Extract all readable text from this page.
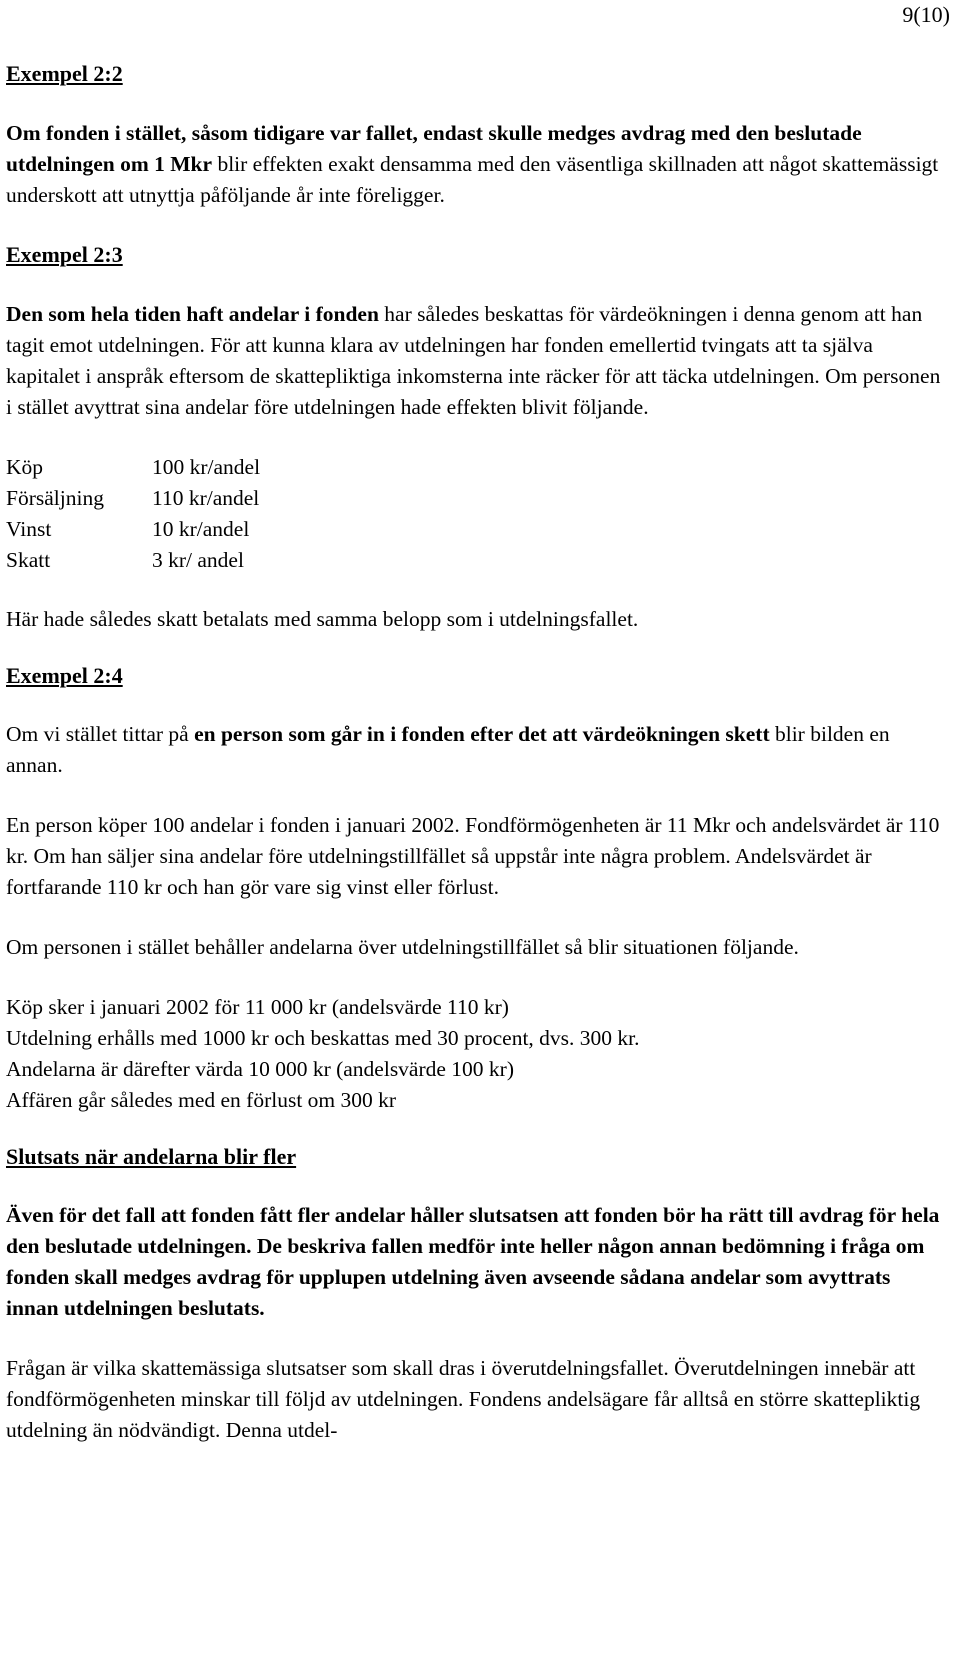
9(10)
Exempel 2:2

Om fonden i stället, såsom tidigare var fallet, endast skulle medges avdrag med den beslutade utdelningen om 1 Mkr blir effekten exakt densamma med den väsentliga skillnaden att något skattemässigt underskott att utnyttja påföljande år inte föreligger.

Exempel 2:3

Den som hela tiden haft andelar i fonden har således beskattas för värdeökningen i denna genom att han tagit emot utdelningen. För att kunna klara av utdelningen har fonden emellertid tvingats att ta själva kapitalet i anspråk eftersom de skattepliktiga inkomsterna inte räcker för att täcka utdelningen. Om personen i stället avyttrat sina andelar före utdelningen hade effekten blivit följande.

Köp	100 kr/andel
Försäljning	110 kr/andel
Vinst	10 kr/andel
Skatt	3 kr/ andel

Här hade således skatt betalats med samma belopp som i utdelningsfallet.

Exempel 2:4

Om vi stället tittar på en person som går in i fonden efter det att värdeökningen skett blir bilden en annan.

En person köper 100 andelar i fonden i januari 2002. Fondförmögenheten är 11 Mkr och andelsvärdet är 110 kr. Om han säljer sina andelar före utdelningstillfället så uppstår inte några problem. Andelsvärdet är fortfarande 110 kr och han gör vare sig vinst eller förlust.

Om personen i stället behåller andelarna över utdelningstillfället så blir situationen följande.

Köp sker i januari 2002 för 11 000 kr (andelsvärde 110 kr)

Utdelning erhålls med 1000 kr och beskattas med 30 procent, dvs. 300 kr.

Andelarna är därefter värda 10 000 kr (andelsvärde 100 kr)

Affären går således med en förlust om 300 kr

Slutsats när andelarna blir fler

Även för det fall att fonden fått fler andelar håller slutsatsen att fonden bör ha rätt till avdrag för hela den beslutade utdelningen. De beskriva fallen medför inte heller någon annan bedömning i fråga om fonden skall medges avdrag för upplupen utdelning även avseende sådana andelar som avyttrats innan utdelningen beslutats.

Frågan är vilka skattemässiga slutsatser som skall dras i överutdelningsfallet. Överutdelningen innebär att fondförmögenheten minskar till följd av utdelningen. Fondens andelsägare får alltså en större skattepliktig utdelning än nödvändigt. Denna utdel-
